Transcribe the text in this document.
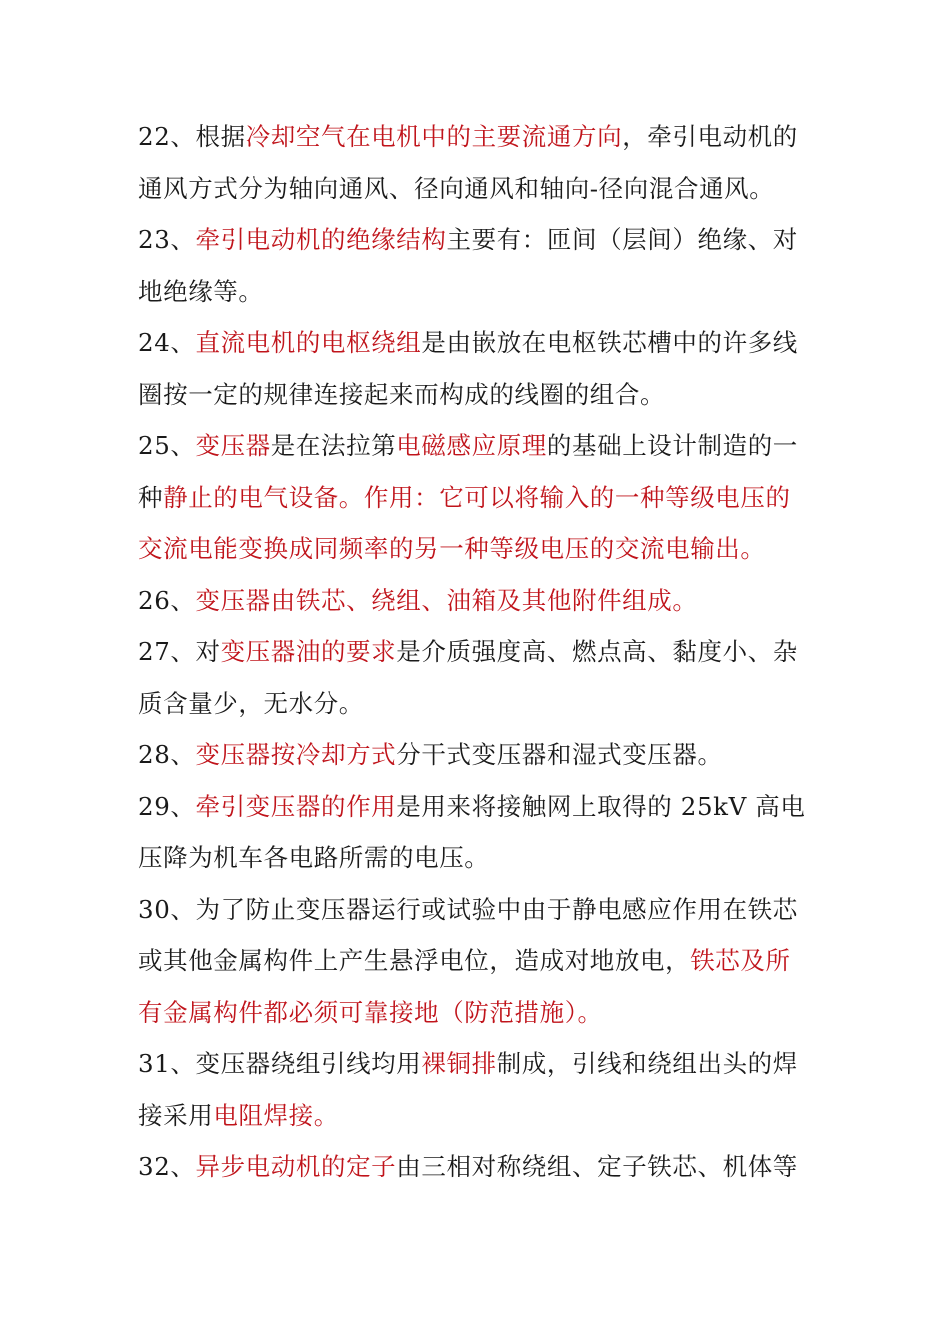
22、根据冷却空气在电机中的主要流通方向，牵引电动机的通风方式分为轴向通风、径向通风和轴向-径向混合通风。

23、牵引电动机的绝缘结构主要有：匝间（层间）绝缘、对地绝缘等。

24、直流电机的电枢绕组是由嵌放在电枢铁芯槽中的许多线圈按一定的规律连接起来而构成的线圈的组合。

25、变压器是在法拉第电磁感应原理的基础上设计制造的一种静止的电气设备。作用：它可以将输入的一种等级电压的交流电能变换成同频率的另一种等级电压的交流电输出。

26、变压器由铁芯、绕组、油箱及其他附件组成。

27、对变压器油的要求是介质强度高、燃点高、黏度小、杂质含量少，无水分。

28、变压器按冷却方式分干式变压器和湿式变压器。

29、牵引变压器的作用是用来将接触网上取得的 25kV 高电压降为机车各电路所需的电压。

30、为了防止变压器运行或试验中由于静电感应作用在铁芯或其他金属构件上产生悬浮电位，造成对地放电，铁芯及所有金属构件都必须可靠接地（防范措施）。

31、变压器绕组引线均用裸铜排制成，引线和绕组出头的焊接采用电阻焊接。

32、异步电动机的定子由三相对称绕组、定子铁芯、机体等
